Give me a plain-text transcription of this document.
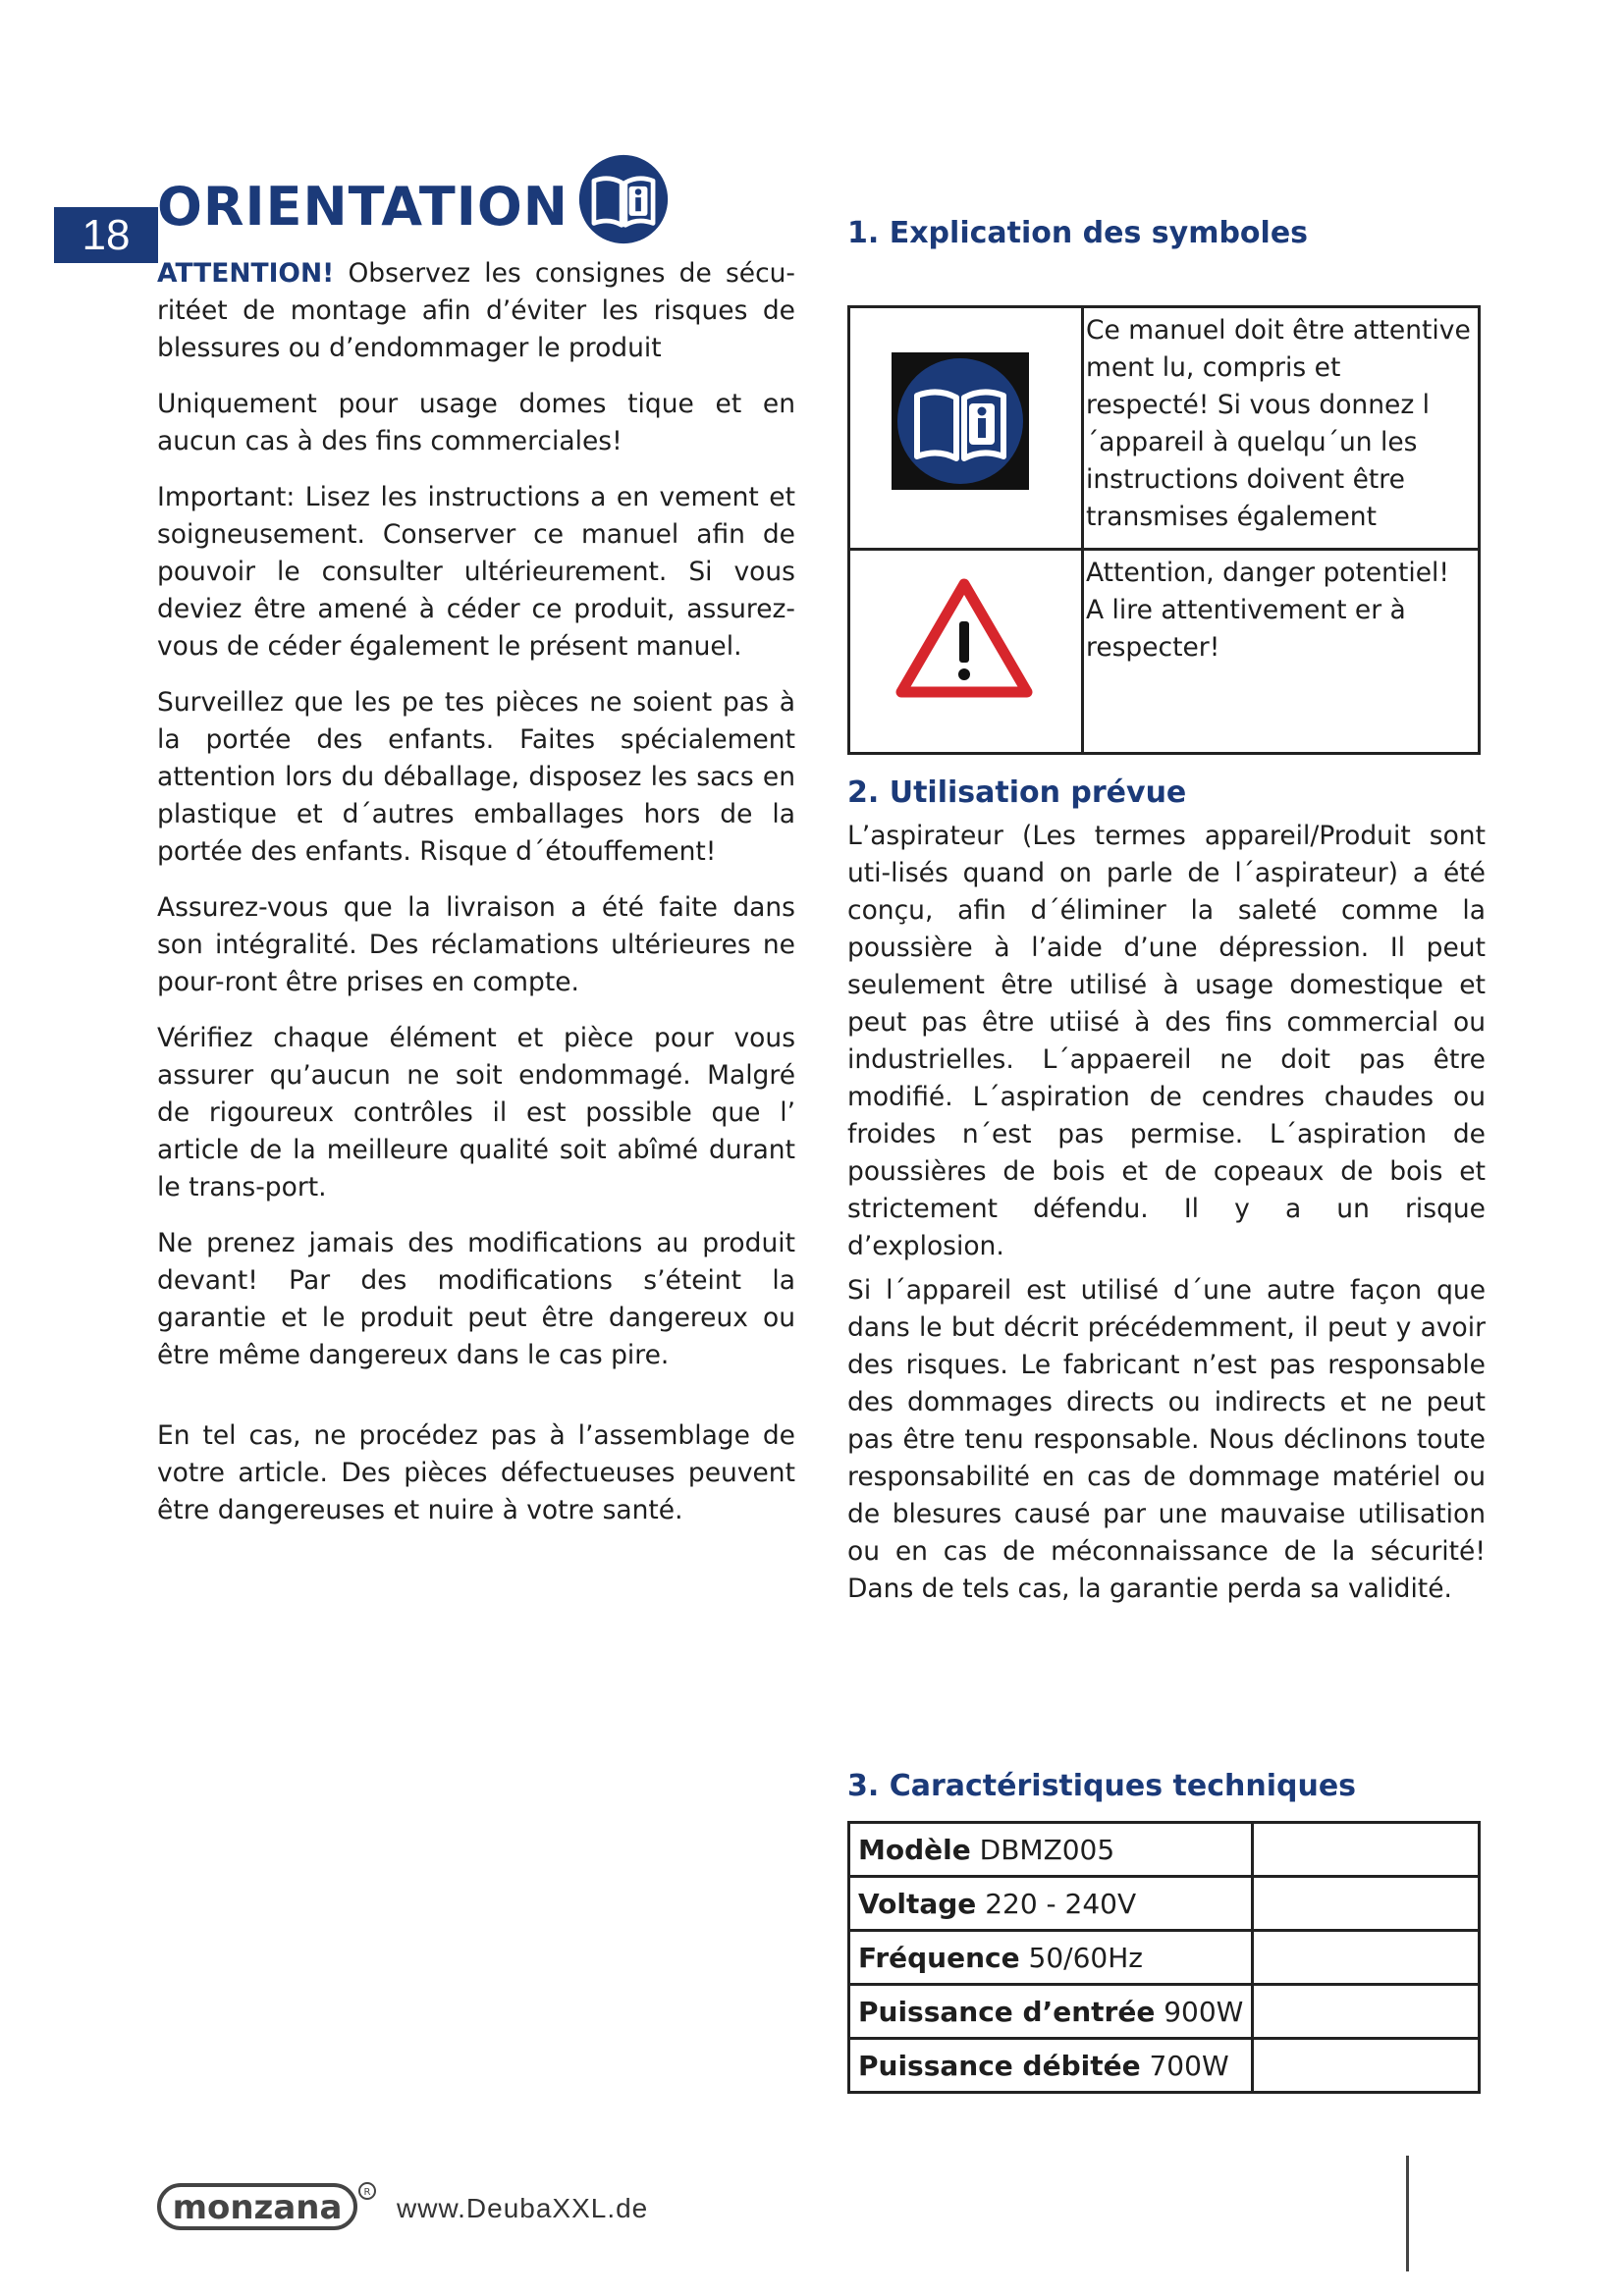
18 ORIENTATION

ATTENTION! Observez les consignes de sécu-ritéet de montage afin d’éviter les risques de blessures ou d’endommager le produit

Uniquement pour usage domes tique et en aucun cas à des fins commerciales!

Important: Lisez les instructions a en vement et soigneusement. Conserver ce manuel afin de pouvoir le consulter ultérieurement. Si vous deviez être amené à céder ce produit, assurez-vous de céder également le présent manuel.

Surveillez que les pe tes pièces ne soient pas à la portée des enfants. Faites spécialement attention lors du déballage, disposez les sacs en plastique et d´autres emballages hors de la portée des enfants. Risque d´étouffement!

Assurez-vous que la livraison a été faite dans son intégralité. Des réclamations ultérieures ne pour-ront être prises en compte.

Vérifiez chaque élément et pièce pour vous assurer qu’aucun ne soit endommagé. Malgré de rigoureux contrôles il est possible que l’ article de la meilleure qualité soit abîmé durant le trans-port.

Ne prenez jamais des modifications au produit devant! Par des modifications s’éteint la garantie et le produit peut être dangereux ou être même dangereux dans le cas pire.

En tel cas, ne procédez pas à l’assemblage de votre article. Des pièces défectueuses peuvent être dangereuses et nuire à votre santé.

1. Explication des symboles
Ce manuel doit être attentive ment lu, compris et respecté! Si vous donnez l´appareil à quelqu´un les instructions doivent être transmises également
Attention, danger potentiel! A lire attentivement er à respecter!
2. Utilisation prévue

L’aspirateur (Les termes appareil/Produit sont uti-lisés quand on parle de l´aspirateur) a été conçu, afin d´éliminer la saleté comme la poussière à l’aide d’une dépression. Il peut seulement être utilisé à usage domestique et peut pas être utiisé à des fins commercial ou industrielles. L´appaereil ne doit pas être modifié. L´aspiration de cendres chaudes ou froides n´est pas permise. L´aspiration de poussières de bois et de copeaux de bois et strictement défendu. Il y a un risque d’explosion.

Si l´appareil est utilisé d´une autre façon que dans le but décrit précédemment, il peut y avoir des risques. Le fabricant n’est pas responsable des dommages directs ou indirects et ne peut pas être tenu responsable. Nous déclinons toute responsabilité en cas de dommage matériel ou de blesures causé par une mauvaise utilisation ou en cas de méconnaissance de la sécurité! Dans de tels cas, la garantie perda sa validité.

3. Caractéristiques techniques
Modèle DBMZ005	
Voltage 220 - 240V	
Fréquence 50/60Hz	
Puissance d’entrée 900W	
Puissance débitée 700W	
monzana R
www.DeubaXXL.de
